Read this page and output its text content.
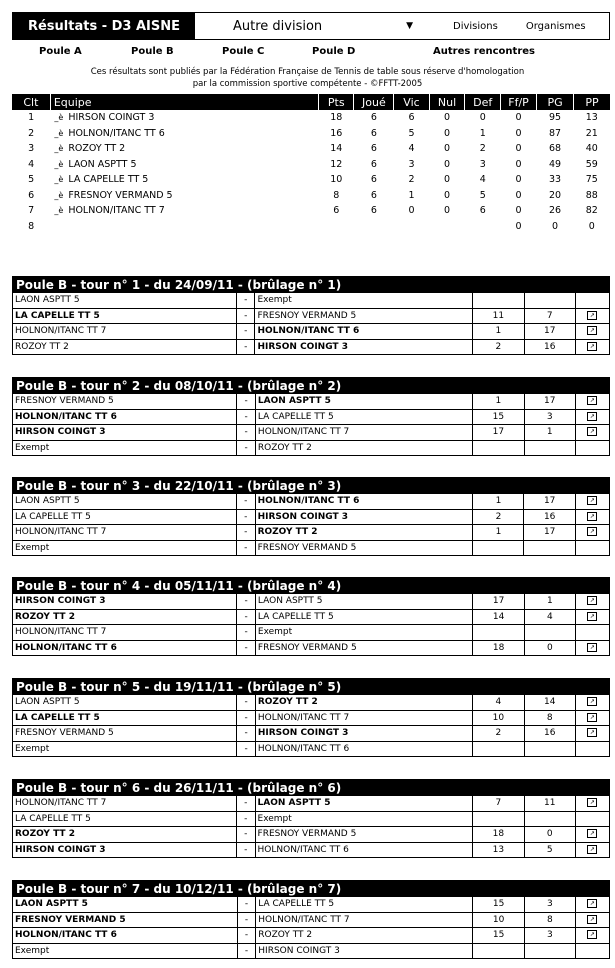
Résultats - D3 AISNE	Autre division	▼	Divisions	Organismes
Poule A	Poule B	Poule C	Poule D	Autres rencontres
Ces résultats sont publiés par la Fédération Française de Tennis de table sous réserve d'homologation
par la commission sportive compétente - ©FFTT-2005
Clt	Equipe	Pts	Joué	Vic	Nul	Def	Ff/P	PG	PP
1	_è HIRSON COINGT 3	18	6	6	0	0	0	95	13
2	_è HOLNON/ITANC TT 6	16	6	5	0	1	0	87	21
3	_è ROZOY TT 2	14	6	4	0	2	0	68	40
4	_è LAON ASPTT 5	12	6	3	0	3	0	49	59
5	_è LA CAPELLE TT 5	10	6	2	0	4	0	33	75
6	_è FRESNOY VERMAND 5	8	6	1	0	5	0	20	88
7	_è HOLNON/ITANC TT 7	6	6	0	0	6	0	26	82
8							0	0	0
Poule B - tour n° 1 - du 24/09/11 - (brûlage n° 1)					
LAON ASPTT 5	-	Exempt			
LA CAPELLE TT 5	-	FRESNOY VERMAND 5	11	7	↗
HOLNON/ITANC TT 7	-	HOLNON/ITANC TT 6	1	17	↗
ROZOY TT 2	-	HIRSON COINGT 3	2	16	↗
Poule B - tour n° 2 - du 08/10/11 - (brûlage n° 2)					
FRESNOY VERMAND 5	-	LAON ASPTT 5	1	17	↗
HOLNON/ITANC TT 6	-	LA CAPELLE TT 5	15	3	↗
HIRSON COINGT 3	-	HOLNON/ITANC TT 7	17	1	↗
Exempt	-	ROZOY TT 2			
Poule B - tour n° 3 - du 22/10/11 - (brûlage n° 3)					
LAON ASPTT 5	-	HOLNON/ITANC TT 6	1	17	↗
LA CAPELLE TT 5	-	HIRSON COINGT 3	2	16	↗
HOLNON/ITANC TT 7	-	ROZOY TT 2	1	17	↗
Exempt	-	FRESNOY VERMAND 5			
Poule B - tour n° 4 - du 05/11/11 - (brûlage n° 4)					
HIRSON COINGT 3	-	LAON ASPTT 5	17	1	↗
ROZOY TT 2	-	LA CAPELLE TT 5	14	4	↗
HOLNON/ITANC TT 7	-	Exempt			
HOLNON/ITANC TT 6	-	FRESNOY VERMAND 5	18	0	↗
Poule B - tour n° 5 - du 19/11/11 - (brûlage n° 5)					
LAON ASPTT 5	-	ROZOY TT 2	4	14	↗
LA CAPELLE TT 5	-	HOLNON/ITANC TT 7	10	8	↗
FRESNOY VERMAND 5	-	HIRSON COINGT 3	2	16	↗
Exempt	-	HOLNON/ITANC TT 6			
Poule B - tour n° 6 - du 26/11/11 - (brûlage n° 6)					
HOLNON/ITANC TT 7	-	LAON ASPTT 5	7	11	↗
LA CAPELLE TT 5	-	Exempt			
ROZOY TT 2	-	FRESNOY VERMAND 5	18	0	↗
HIRSON COINGT 3	-	HOLNON/ITANC TT 6	13	5	↗
Poule B - tour n° 7 - du 10/12/11 - (brûlage n° 7)					
LAON ASPTT 5	-	LA CAPELLE TT 5	15	3	↗
FRESNOY VERMAND 5	-	HOLNON/ITANC TT 7	10	8	↗
HOLNON/ITANC TT 6	-	ROZOY TT 2	15	3	↗
Exempt	-	HIRSON COINGT 3			
